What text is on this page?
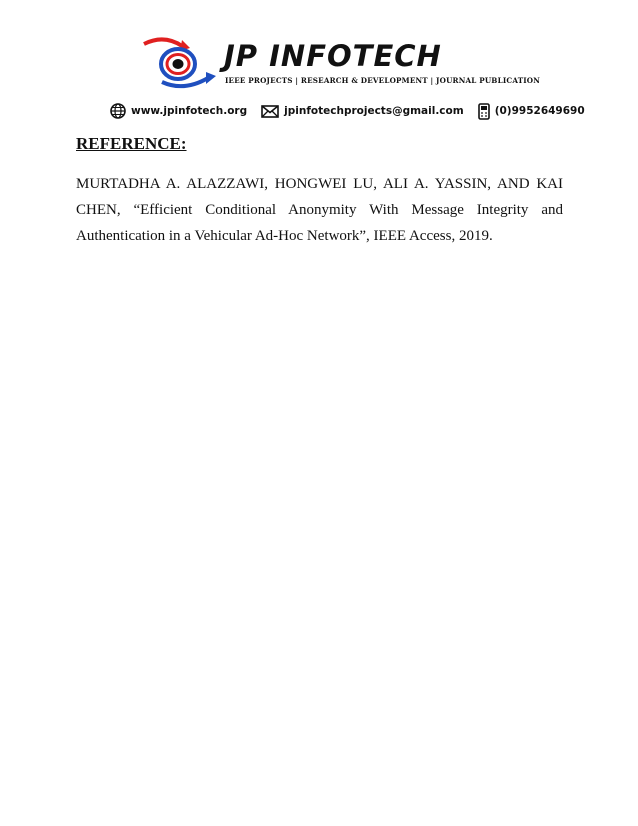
JP INFOTECH
IEEE PROJECTS | RESEARCH & DEVELOPMENT | JOURNAL PUBLICATION
www.jpinfotech.org	jpinfotechprojects@gmail.com	(0)9952649690
REFERENCE:
MURTADHA A. ALAZZAWI, HONGWEI LU, ALI A. YASSIN, AND KAI CHEN, “Efficient Conditional Anonymity With Message Integrity and Authentication in a Vehicular Ad-Hoc Network”, IEEE Access, 2019.
